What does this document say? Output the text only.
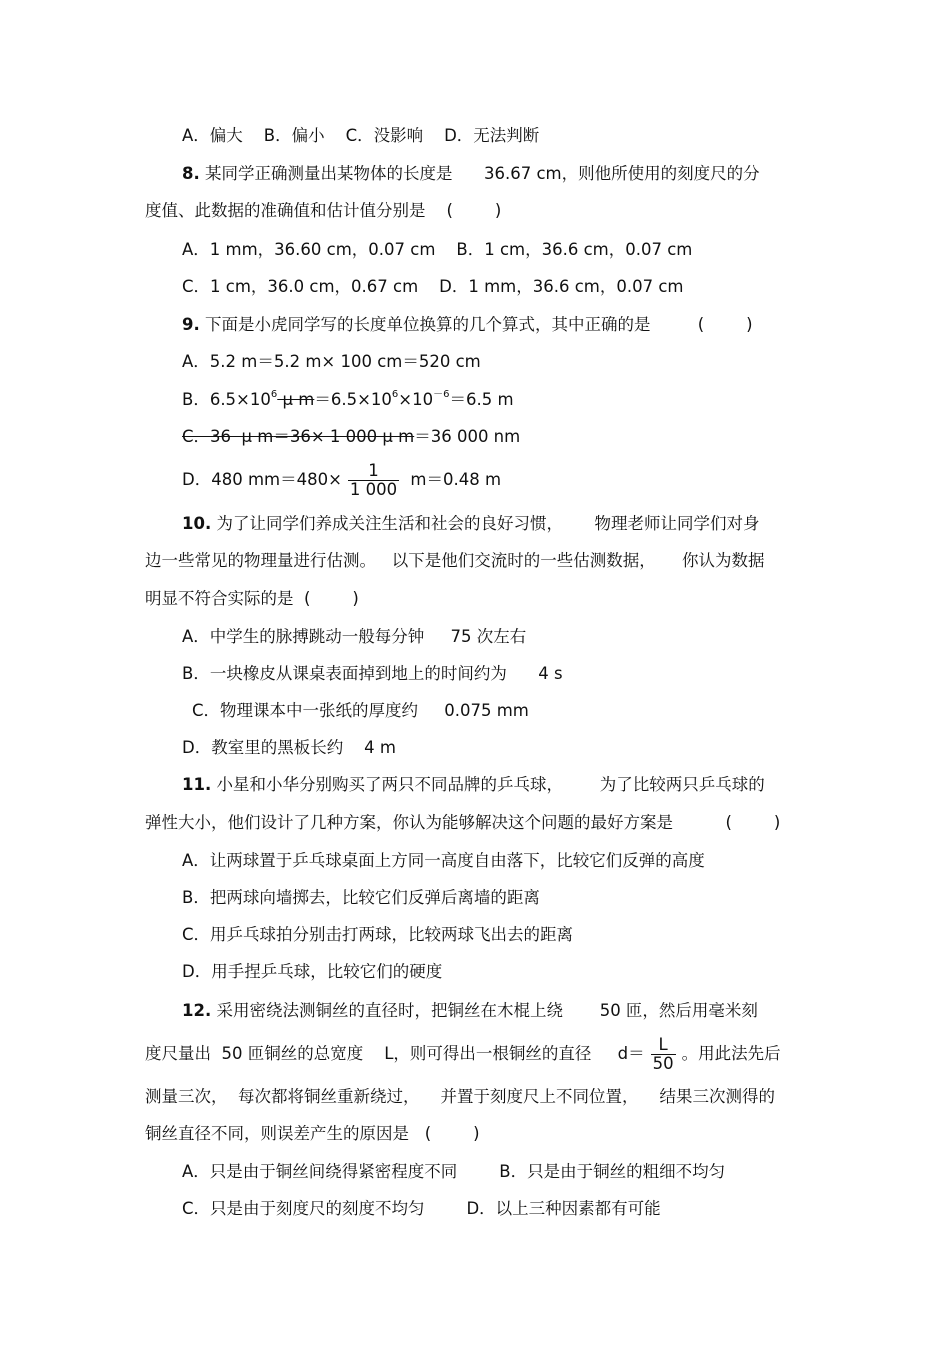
A．偏大    B．偏小    C．没影响    D．无法判断
8. 某同学正确测量出某物体的长度是      36.67 cm，则他所使用的刻度尺的分
度值、此数据的准确值和估计值分别是    (        )
A．1 mm，36.60 cm，0.07 cm    B．1 cm，36.6 cm，0.07 cm
C．1 cm，36.0 cm，0.67 cm    D．1 mm，36.6 cm，0.07 cm
9. 下面是小虎同学写的长度单位换算的几个算式，其中正确的是         (        )
A．5.2 m＝5.2 m× 100 cm＝520 cm
B．$6.5\times 10^6$ μ $m=6.5\times 10^6\times 10^{-6}=6.5$ m
C．36  μ m＝36× 1 000 μ m＝36 000 nm
D．480 $mm=480\times \frac{1}{1 000} m=0.48$ m
10. 为了让同学们养成关注生活和社会的良好习惯，      物理老师让同学们对身
边一些常见的物理量进行估测。   以下是他们交流时的一些估测数据，     你认为数据
明显不符合实际的是  (        )
A．中学生的脉搏跳动一般每分钟     75 次左右
B．一块橡皮从课桌表面掉到地上的时间约为      4 s
C．物理课本中一张纸的厚度约     0.075 mm
D．教室里的黑板长约    4 m
11. 小星和小华分别购买了两只不同品牌的乒乓球，       为了比较两只乒乓球的
弹性大小，他们设计了几种方案，你认为能够解决这个问题的最好方案是          (        )
A．让两球置于乒乓球桌面上方同一高度自由落下，比较它们反弹的高度
B．把两球向墙掷去，比较它们反弹后离墙的距离
C．用乒乓球拍分别击打两球，比较两球飞出去的距离
D．用手捏乒乓球，比较它们的硬度
12. 采用密绕法测铜丝的直径时，把铜丝在木棍上绕       50 匝，然后用毫米刻
度尺量出  50 匝铜丝的总宽度    L，则可得出一根铜丝的直径     $d= \frac{L}{50}$ 。用此法先后
测量三次，  每次都将铜丝重新绕过，    并置于刻度尺上不同位置，    结果三次测得的
铜丝直径不同，则误差产生的原因是   (        )
A．只是由于铜丝间绕得紧密程度不同        B．只是由于铜丝的粗细不均匀
C．只是由于刻度尺的刻度不均匀        D．以上三种因素都有可能
